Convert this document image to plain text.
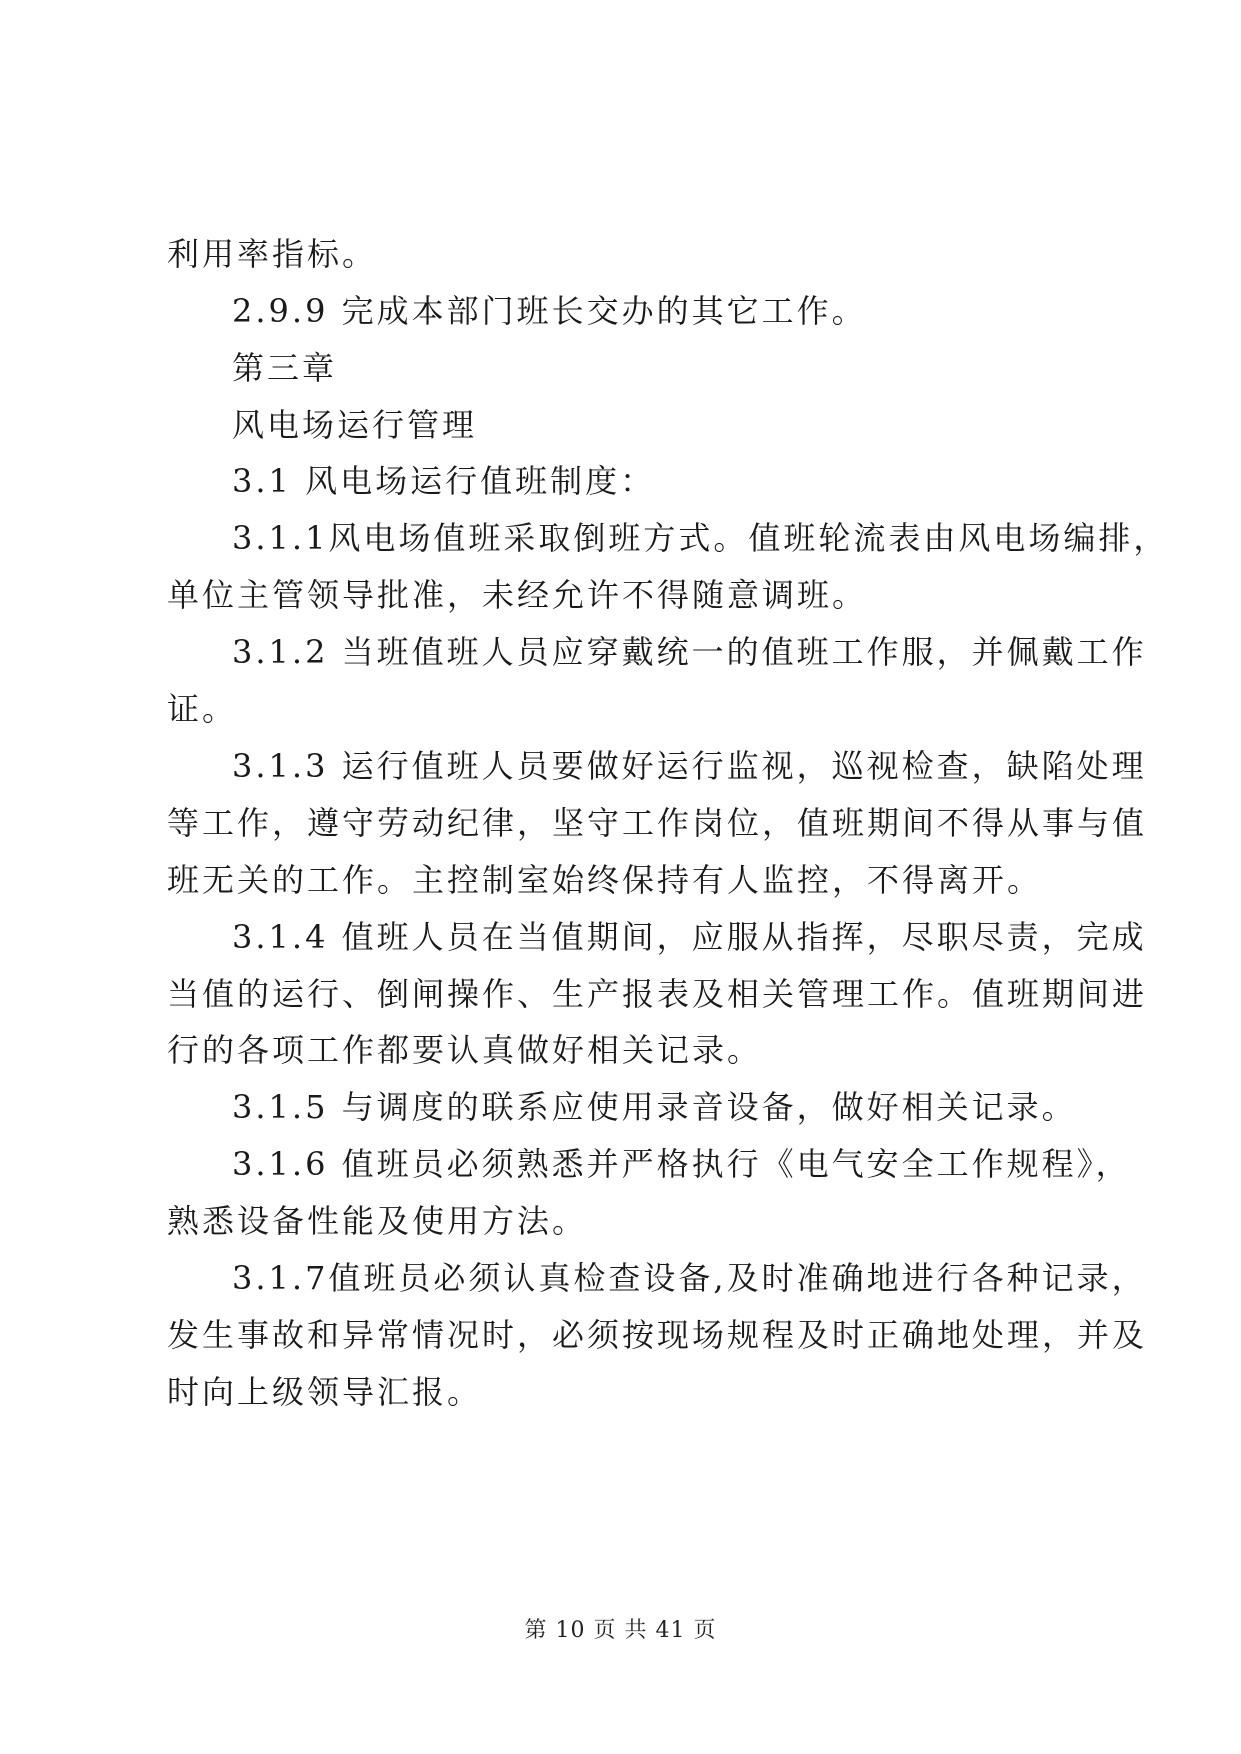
利用率指标。
2.9.9 完成本部门班长交办的其它工作。
第三章
风电场运行管理
3.1 风电场运行值班制度：
3.1.1风电场值班采取倒班方式。值班轮流表由风电场编排，
单位主管领导批准，未经允许不得随意调班。
3.1.2 当班值班人员应穿戴统一的值班工作服，并佩戴工作
证。
3.1.3 运行值班人员要做好运行监视，巡视检查，缺陷处理
等工作，遵守劳动纪律，坚守工作岗位，值班期间不得从事与值
班无关的工作。主控制室始终保持有人监控，不得离开。
3.1.4 值班人员在当值期间，应服从指挥，尽职尽责，完成
当值的运行、倒闸操作、生产报表及相关管理工作。值班期间进
行的各项工作都要认真做好相关记录。
3.1.5 与调度的联系应使用录音设备，做好相关记录。
3.1.6 值班员必须熟悉并严格执行《电气安全工作规程》，
熟悉设备性能及使用方法。
3.1.7值班员必须认真检查设备,及时准确地进行各种记录，
发生事故和异常情况时，必须按现场规程及时正确地处理，并及
时向上级领导汇报。
第 10 页 共 41 页
